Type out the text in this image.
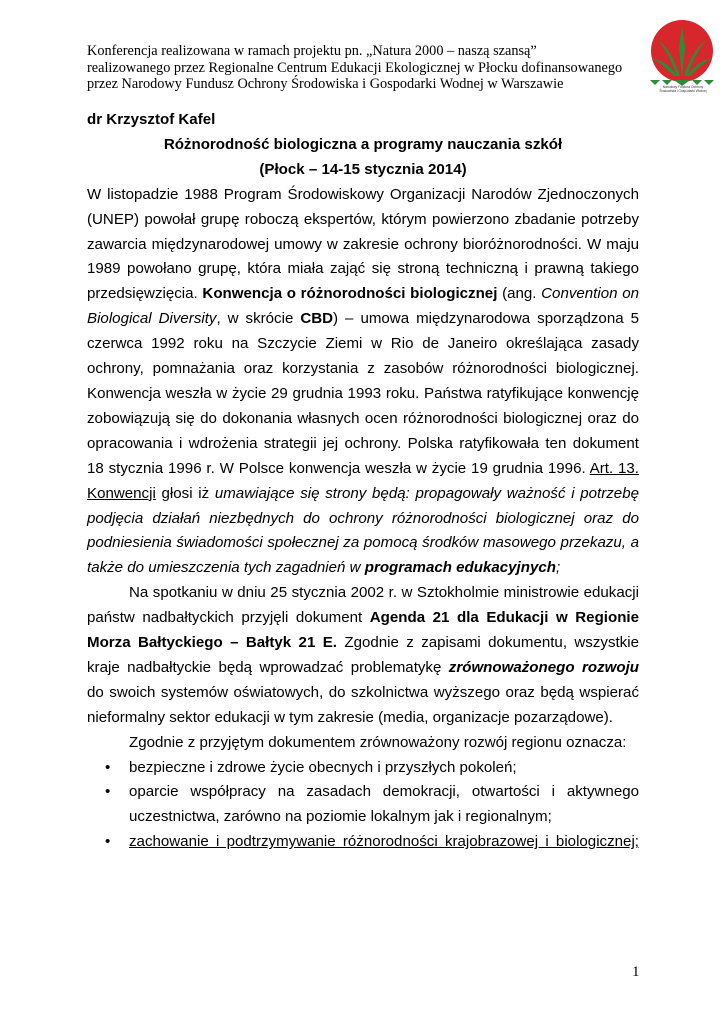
Konferencja realizowana w ramach projektu pn. „Natura 2000 – naszą szansą”
realizowanego przez Regionalne Centrum Edukacji Ekologicznej w Płocku dofinansowanego
przez Narodowy Fundusz Ochrony Środowiska i Gospodarki Wodnej w Warszawie	Narodowy Fundusz Ochrony
Środowiska i Gospodarki Wodnej

dr Krzysztof Kafel

Różnorodność biologiczna a programy nauczania szkół

(Płock – 14-15 stycznia 2014)

W listopadzie 1988 Program Środowiskowy Organizacji Narodów Zjednoczonych (UNEP) powołał grupę roboczą ekspertów, którym powierzono zbadanie potrzeby zawarcia międzynarodowej umowy w zakresie ochrony bioróżnorodności. W maju 1989 powołano grupę, która miała zająć się stroną techniczną i prawną takiego przedsięwzięcia. Konwencja o różnorodności biologicznej (ang. Convention on Biological Diversity, w skrócie CBD) – umowa międzynarodowa sporządzona 5 czerwca 1992 roku na Szczycie Ziemi w Rio de Janeiro określająca zasady ochrony, pomnażania oraz korzystania z zasobów różnorodności biologicznej. Konwencja weszła w życie 29 grudnia 1993 roku. Państwa ratyfikujące konwencję zobowiązują się do dokonania własnych ocen różnorodności biologicznej oraz do opracowania i wdrożenia strategii jej ochrony. Polska ratyfikowała ten dokument 18 stycznia 1996 r. W Polsce konwencja weszła w życie 19 grudnia 1996. Art. 13. Konwencji głosi iż umawiające się strony będą: propagowały ważność i potrzebę podjęcia działań niezbędnych do ochrony różnorodności biologicznej oraz do podniesienia świadomości społecznej za pomocą środków masowego przekazu, a także do umieszczenia tych zagadnień w programach edukacyjnych;

Na spotkaniu w dniu 25 stycznia 2002 r. w Sztokholmie ministrowie edukacji państw nadbałtyckich przyjęli dokument Agenda 21 dla Edukacji w Regionie Morza Bałtyckiego – Bałtyk 21 E. Zgodnie z zapisami dokumentu, wszystkie kraje nadbałtyckie będą wprowadzać problematykę zrównoważonego rozwoju do swoich systemów oświatowych, do szkolnictwa wyższego oraz będą wspierać nieformalny sektor edukacji w tym zakresie (media, organizacje pozarządowe).

Zgodnie z przyjętym dokumentem zrównoważony rozwój regionu oznacza:

• bezpieczne i zdrowe życie obecnych i przyszłych pokoleń;
• oparcie współpracy na zasadach demokracji, otwartości i aktywnego uczestnictwa, zarówno na poziomie lokalnym jak i regionalnym;
• zachowanie i podtrzymywanie różnorodności krajobrazowej i biologicznej;
1
